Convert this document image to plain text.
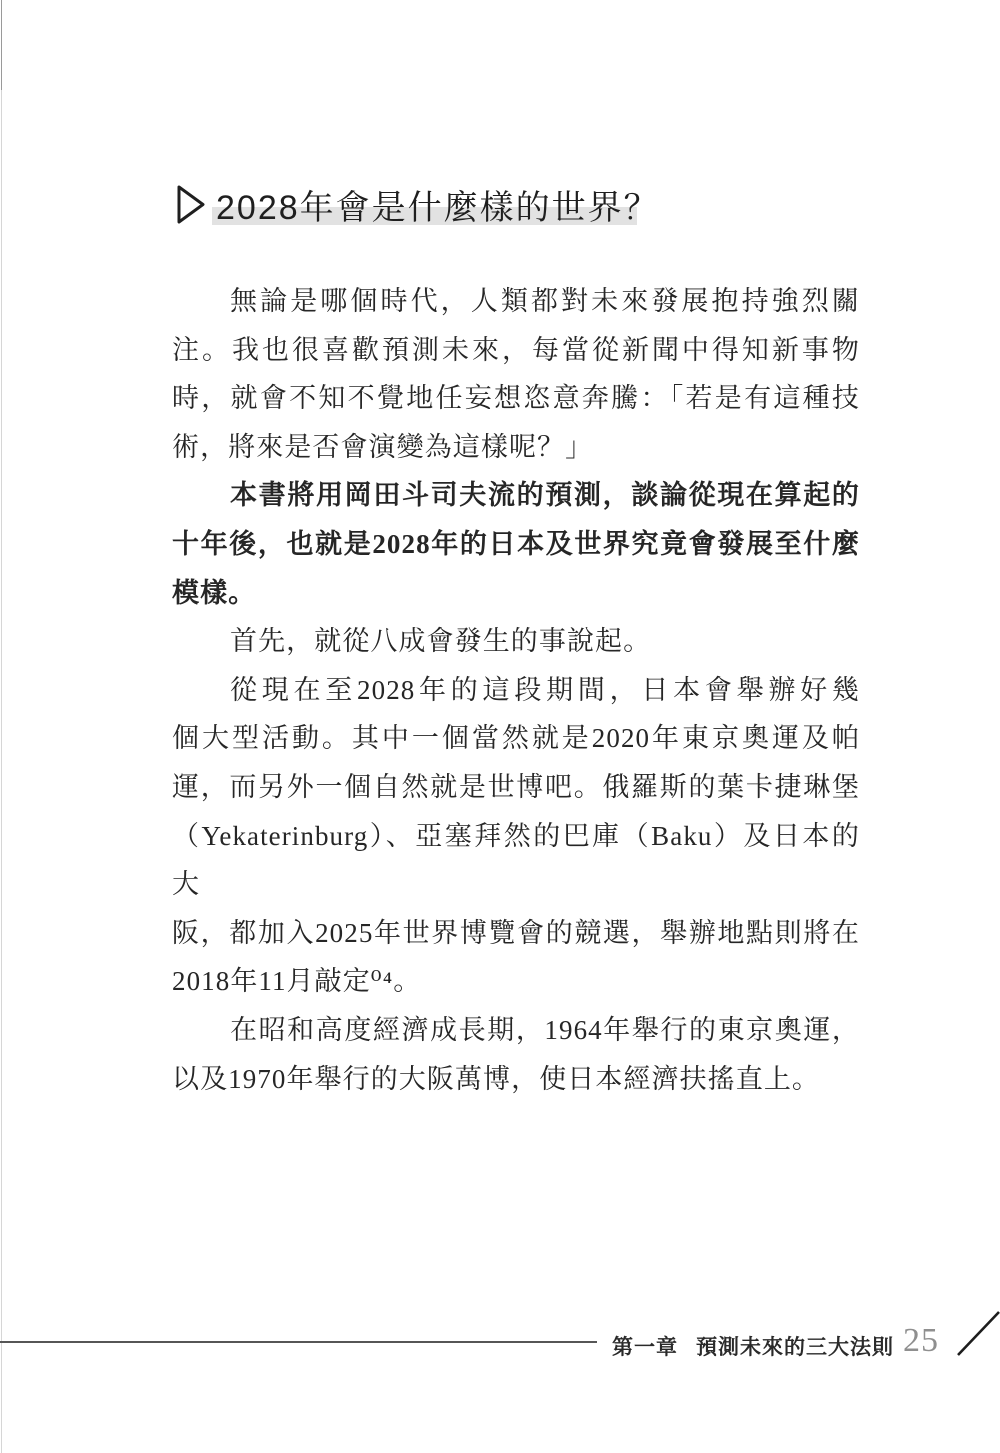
2028年會是什麼樣的世界？
無論是哪個時代，人類都對未來發展抱持強烈關
注。我也很喜歡預測未來，每當從新聞中得知新事物
時，就會不知不覺地任妄想恣意奔騰：「若是有這種技
術，將來是否會演變為這樣呢？」
本書將用岡田斗司夫流的預測，談論從現在算起的
十年後，也就是2028年的日本及世界究竟會發展至什麼
模樣。
首先，就從八成會發生的事說起。
從現在至2028年的這段期間，日本會舉辦好幾
個大型活動。其中一個當然就是2020年東京奧運及帕
運，而另外一個自然就是世博吧。俄羅斯的葉卡捷琳堡
（Yekaterinburg）、亞塞拜然的巴庫（Baku）及日本的大
阪，都加入2025年世界博覽會的競選，舉辦地點則將在
2018年11月敲定⁰⁴。
在昭和高度經濟成長期，1964年舉行的東京奧運，
以及1970年舉行的大阪萬博，使日本經濟扶搖直上。
第一章 預測未來的三大法則 25
